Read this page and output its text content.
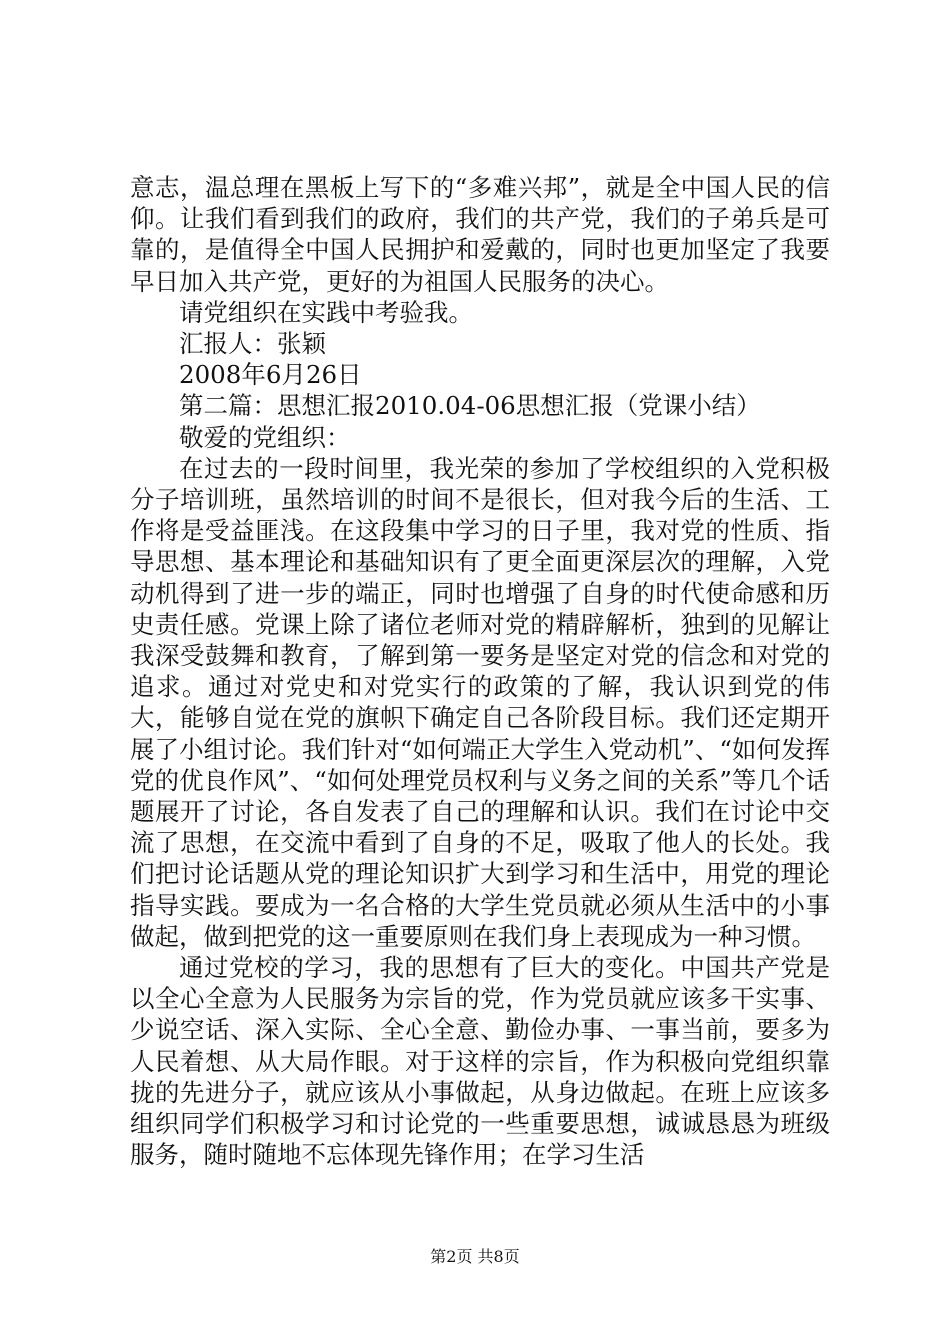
意志，温总理在黑板上写下的“多难兴邦”，就是全中国人民的信仰。让我们看到我们的政府，我们的共产党，我们的子弟兵是可靠的，是值得全中国人民拥护和爱戴的，同时也更加坚定了我要早日加入共产党，更好的为祖国人民服务的决心。

请党组织在实践中考验我。

汇报人：张颖

2008年6月26日

第二篇：思想汇报2010.04-06思想汇报（党课小结）

敬爱的党组织：

在过去的一段时间里，我光荣的参加了学校组织的入党积极分子培训班，虽然培训的时间不是很长，但对我今后的生活、工作将是受益匪浅。在这段集中学习的日子里，我对党的性质、指导思想、基本理论和基础知识有了更全面更深层次的理解，入党动机得到了进一步的端正，同时也增强了自身的时代使命感和历史责任感。党课上除了诸位老师对党的精辟解析，独到的见解让我深受鼓舞和教育，了解到第一要务是坚定对党的信念和对党的追求。通过对党史和对党实行的政策的了解，我认识到党的伟大，能够自觉在党的旗帜下确定自己各阶段目标。我们还定期开展了小组讨论。我们针对“如何端正大学生入党动机”、“如何发挥党的优良作风”、“如何处理党员权利与义务之间的关系”等几个话题展开了讨论，各自发表了自己的理解和认识。我们在讨论中交流了思想，在交流中看到了自身的不足，吸取了他人的长处。我们把讨论话题从党的理论知识扩大到学习和生活中，用党的理论指导实践。要成为一名合格的大学生党员就必须从生活中的小事做起，做到把党的这一重要原则在我们身上表现成为一种习惯。

通过党校的学习，我的思想有了巨大的变化。中国共产党是以全心全意为人民服务为宗旨的党，作为党员就应该多干实事、少说空话、深入实际、全心全意、勤俭办事、一事当前，要多为人民着想、从大局作眼。对于这样的宗旨，作为积极向党组织靠拢的先进分子，就应该从小事做起，从身边做起。在班上应该多组织同学们积极学习和讨论党的一些重要思想，诚诚恳恳为班级服务，随时随地不忘体现先锋作用；在学习生活

第2页 共8页
